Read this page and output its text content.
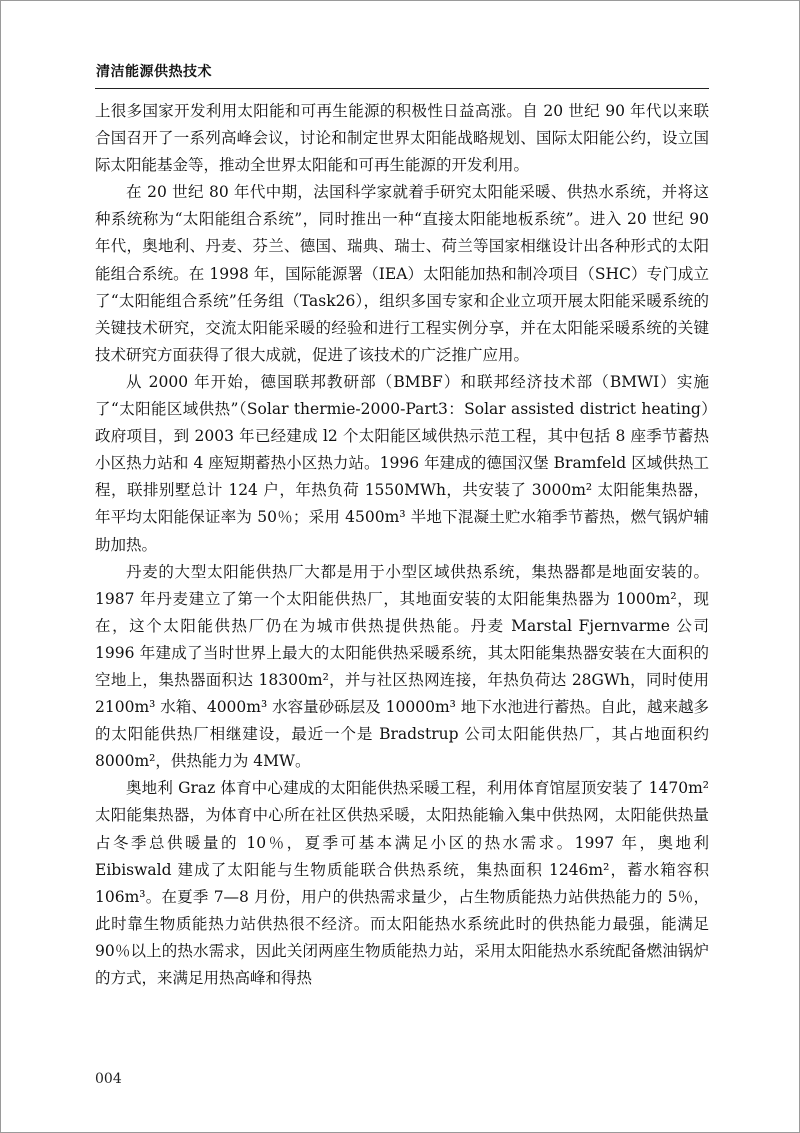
清洁能源供热技术

上很多国家开发利用太阳能和可再生能源的积极性日益高涨。自 20 世纪 90 年代以来联合国召开了一系列高峰会议，讨论和制定世界太阳能战略规划、国际太阳能公约，设立国际太阳能基金等，推动全世界太阳能和可再生能源的开发利用。

在 20 世纪 80 年代中期，法国科学家就着手研究太阳能采暖、供热水系统，并将这种系统称为“太阳能组合系统”，同时推出一种“直接太阳能地板系统”。进入 20 世纪 90 年代，奥地利、丹麦、芬兰、德国、瑞典、瑞士、荷兰等国家相继设计出各种形式的太阳能组合系统。在 1998 年，国际能源署（IEA）太阳能加热和制冷项目（SHC）专门成立了“太阳能组合系统”任务组（Task26），组织多国专家和企业立项开展太阳能采暖系统的关键技术研究，交流太阳能采暖的经验和进行工程实例分享，并在太阳能采暖系统的关键技术研究方面获得了很大成就，促进了该技术的广泛推广应用。

从 2000 年开始，德国联邦教研部（BMBF）和联邦经济技术部（BMWI）实施了“太阳能区域供热”（Solar thermie-2000-Part3：Solar assisted district heating）政府项目，到 2003 年已经建成 l2 个太阳能区域供热示范工程，其中包括 8 座季节蓄热小区热力站和 4 座短期蓄热小区热力站。1996 年建成的德国汉堡 Bramfeld 区域供热工程，联排别墅总计 124 户，年热负荷 1550MWh，共安装了 3000m² 太阳能集热器，年平均太阳能保证率为 50％；采用 4500m³ 半地下混凝土贮水箱季节蓄热，燃气锅炉辅助加热。

丹麦的大型太阳能供热厂大都是用于小型区域供热系统，集热器都是地面安装的。1987 年丹麦建立了第一个太阳能供热厂，其地面安装的太阳能集热器为 1000m²，现在，这个太阳能供热厂仍在为城市供热提供热能。丹麦 Marstal Fjernvarme 公司 1996 年建成了当时世界上最大的太阳能供热采暖系统，其太阳能集热器安装在大面积的空地上，集热器面积达 18300m²，并与社区热网连接，年热负荷达 28GWh，同时使用 2100m³ 水箱、4000m³ 水容量砂砾层及 10000m³ 地下水池进行蓄热。自此，越来越多的太阳能供热厂相继建设，最近一个是 Bradstrup 公司太阳能供热厂，其占地面积约 8000m²，供热能力为 4MW。

奥地利 Graz 体育中心建成的太阳能供热采暖工程，利用体育馆屋顶安装了 1470m² 太阳能集热器，为体育中心所在社区供热采暖，太阳热能输入集中供热网，太阳能供热量占冬季总供暖量的 10％，夏季可基本满足小区的热水需求。1997 年，奥地利 Eibiswald 建成了太阳能与生物质能联合供热系统，集热面积 1246m²，蓄水箱容积 106m³。在夏季 7—8 月份，用户的供热需求量少，占生物质能热力站供热能力的 5％，此时靠生物质能热力站供热很不经济。而太阳能热水系统此时的供热能力最强，能满足 90％以上的热水需求，因此关闭两座生物质能热力站，采用太阳能热水系统配备燃油锅炉的方式，来满足用热高峰和得热

004
